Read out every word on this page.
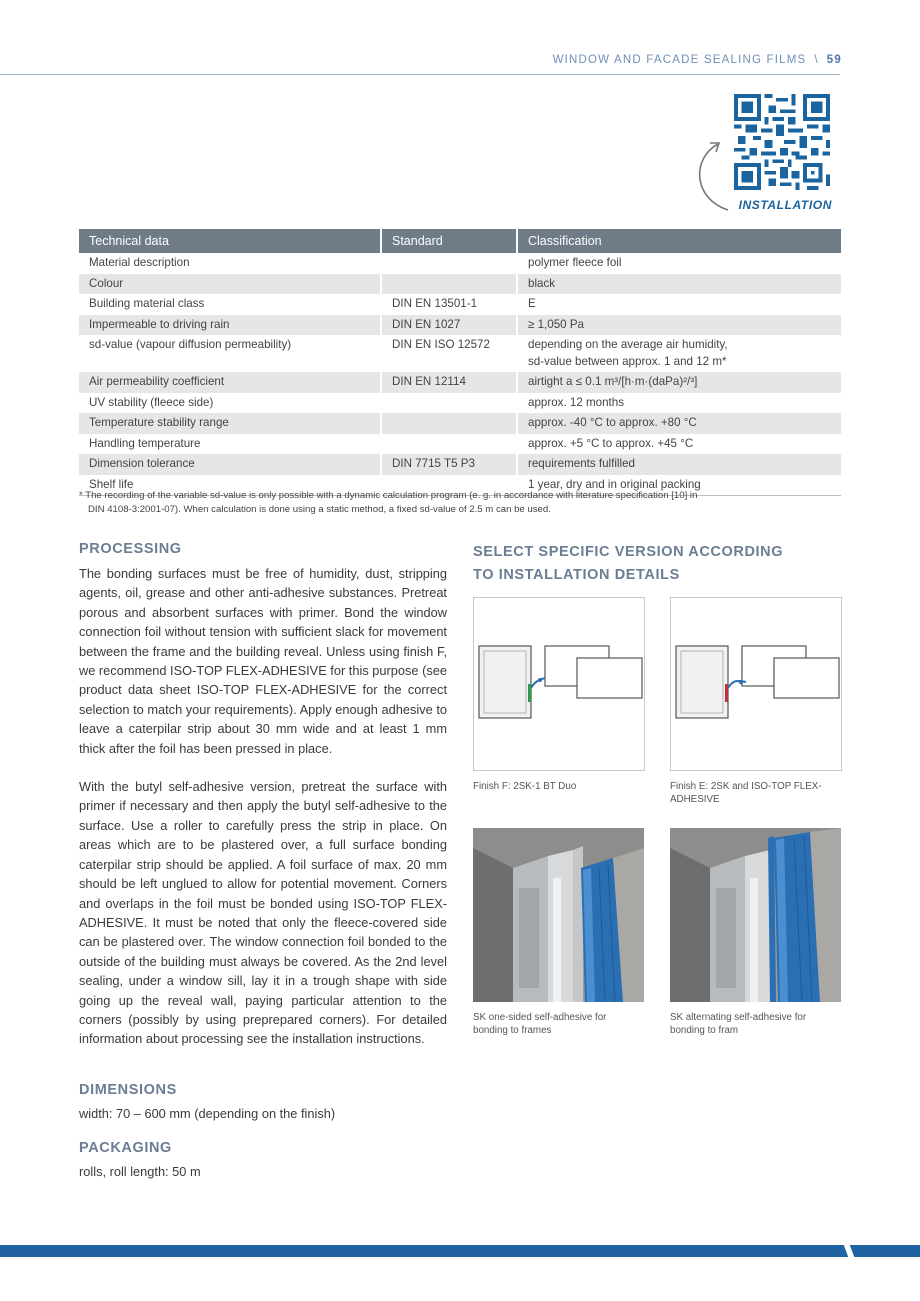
WINDOW AND FACADE SEALING FILMS \ 59
INSTALLATION
Technical data	Standard	Classification
Material description		polymer fleece foil
Colour		black
Building material class	DIN EN 13501-1	E
Impermeable to driving rain	DIN EN 1027	≥ 1,050 Pa
sd-value (vapour diffusion permeability)	DIN EN ISO 12572	depending on the average air humidity,
sd-value between approx. 1 and 12 m*

Air permeability coefficient	DIN EN 12114	airtight a ≤ 0.1 m³/[h·m·(daPa)²/³]
UV stability (fleece side)		approx. 12 months
Temperature stability range		approx. -40 °C to approx. +80 °C
Handling temperature		approx. +5 °C to approx. +45 °C
Dimension tolerance	DIN 7715 T5 P3	requirements fulfilled
Shelf life		1 year, dry and in original packing
* The recording of the variable sd-value is only possible with a dynamic calculation program (e. g. in accordance with literature specification [10] in
DIN 4108-3:2001-07). When calculation is done using a static method, a fixed sd-value of 2.5 m can be used.
PROCESSING

The bonding surfaces must be free of humidity, dust, stripping agents, oil, grease and other anti-adhesive substances. Pretreat porous and absorbent surfaces with primer. Bond the window connection foil without tension with sufficient slack for movement between the frame and the building reveal. Unless using finish F, we recommend ISO-TOP FLEX-ADHESIVE for this purpose (see product data sheet ISO-TOP FLEX-ADHESIVE for the correct selection to match your requirements). Apply enough adhesive to leave a caterpilar strip about 30 mm wide and at least 1 mm thick after the foil has been pressed in place.

With the butyl self-adhesive version, pretreat the surface with primer if necessary and then apply the butyl self-adhesive to the surface. Use a roller to carefully press the strip in place. On areas which are to be plastered over, a full surface bonding caterpilar strip should be applied. A foil surface of max. 20 mm should be left unglued to allow for potential movement. Corners and overlaps in the foil must be bonded using ISO-TOP FLEX-ADHESIVE. It must be noted that only the fleece-covered side can be plastered over. The window connection foil bonded to the outside of the building must always be covered. As the 2nd level sealing, under a window sill, lay it in a trough shape with side going up the reveal wall, paying particular attention to the corners (possibly by using preprepared corners). For detailed information about processing see the installation instructions.

DIMENSIONS
width: 70 – 600 mm (depending on the finish)
PACKAGING
rolls, roll length: 50 m
SELECT SPECIFIC VERSION ACCORDING
TO INSTALLATION DETAILS
Finish F: 2SK-1 BT Duo	Finish E: 2SK and ISO-TOP FLEX-ADHESIVE
SK one-sided self-adhesive for bonding to frames
SK alternating self-adhesive for bonding to fram
